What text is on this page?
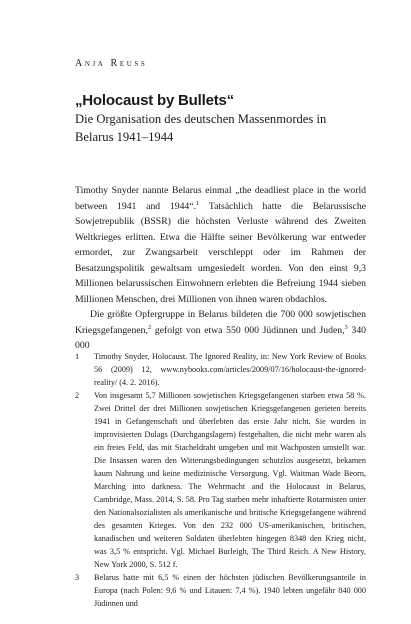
Anja Reuss
„Holocaust by Bullets“
Die Organisation des deutschen Massenmordes in Belarus 1941–1944

Timothy Snyder nannte Belarus einmal „the deadliest place in the world between 1941 and 1944“.$^1$ Tatsächlich hatte die Belarussische Sowjetrepublik (BSSR) die höchsten Verluste während des Zweiten Weltkrieges erlitten. Etwa die Hälfte seiner Bevölkerung war entweder ermordet, zur Zwangsarbeit verschleppt oder im Rahmen der Besatzungspolitik gewaltsam umgesiedelt worden. Von den einst 9,3 Millionen belarussischen Einwohnern erlebten die Befreiung 1944 sieben Millionen Menschen, drei Millionen von ihnen waren obdachlos.

Die größte Opfergruppe in Belarus bildeten die 700 000 sowjetischen Kriegsgefangenen,$^2$ gefolgt von etwa 550 000 Jüdinnen und Juden,$^3$ 340 000

1	Timothy Snyder, Holocaust. The Ignored Reality, in: New York Review of Books 56 (2009) 12, www.nybooks.com/articles/2009/07/16/holocaust-the-ignored-reality/ (4. 2. 2016).
2	Von insgesamt 5,7 Millionen sowjetischen Kriegsgefangenen starben etwa 58 %. Zwei Drittel der drei Millionen sowjetischen Kriegsgefangenen gerieten bereits 1941 in Gefangenschaft und überlebten das erste Jahr nicht. Sie wurden in improvisierten Dulags (Durchgangslagern) festgehalten, die nicht mehr waren als ein freies Feld, das mit Stacheldraht umgeben und mit Wachposten umstellt war. Die Insassen waren den Witterungsbedingungen schutzlos ausgesetzt, bekamen kaum Nahrung und keine medizinische Versorgung. Vgl. Waitman Wade Beorn, Marching into darkness. The Wehrmacht and the Holocaust in Belarus, Cambridge, Mass. 2014, S. 58. Pro Tag starben mehr inhaftierte Rotarmisten unter den Nationalsozialisten als amerikanische und britische Kriegsgefangene während des gesamten Krieges. Von den 232 000 US-amerikanischen, britischen, kanadischen und weiteren Soldaten überlebten hingegen 8348 den Krieg nicht, was 3,5 % entspricht. Vgl. Michael Burleigh, The Third Reich. A New History, New York 2000, S. 512 f.
3	Belarus hatte mit 6,5 % einen der höchsten jüdischen Bevölkerungsanteile in Europa (nach Polen: 9,6 % und Litauen: 7,4 %). 1940 lebten ungefähr 840 000 Jüdinnen und
